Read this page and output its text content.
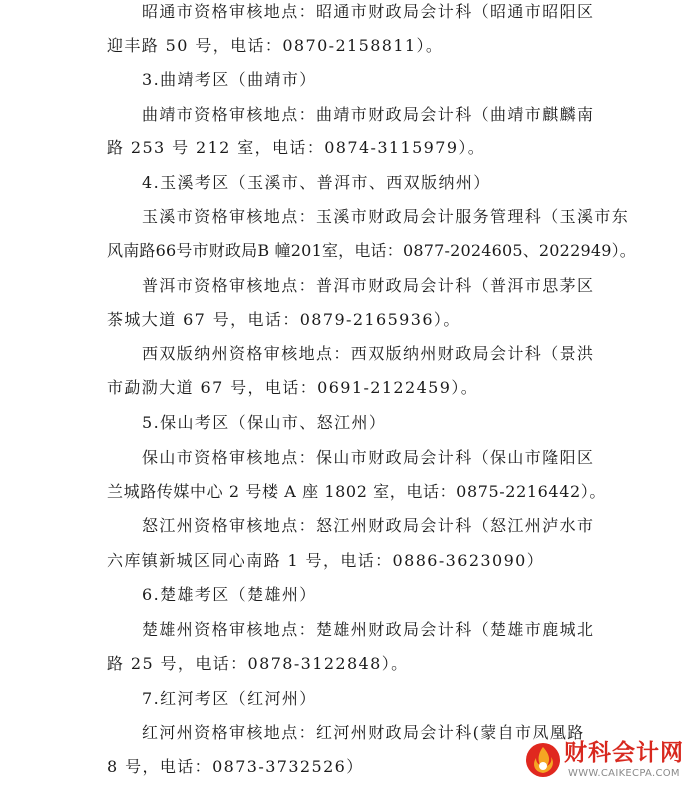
昭通市资格审核地点：昭通市财政局会计科（昭通市昭阳区
迎丰路 50 号，电话：0870-2158811）。
3.曲靖考区（曲靖市）
曲靖市资格审核地点：曲靖市财政局会计科（曲靖市麒麟南
路 253 号 212 室，电话：0874-3115979）。
4.玉溪考区（玉溪市、普洱市、西双版纳州）
玉溪市资格审核地点：玉溪市财政局会计服务管理科（玉溪市东
风南路66号市财政局B 幢201室，电话：0877-2024605、2022949）。
普洱市资格审核地点：普洱市财政局会计科（普洱市思茅区
茶城大道 67 号，电话：0879-2165936）。
西双版纳州资格审核地点：西双版纳州财政局会计科（景洪
市勐泐大道 67 号，电话：0691-2122459）。
5.保山考区（保山市、怒江州）
保山市资格审核地点：保山市财政局会计科（保山市隆阳区
兰城路传媒中心 2 号楼 A 座 1802 室，电话：0875-2216442）。
怒江州资格审核地点：怒江州财政局会计科（怒江州泸水市
六库镇新城区同心南路 1 号，电话：0886-3623090）
6.楚雄考区（楚雄州）
楚雄州资格审核地点：楚雄州财政局会计科（楚雄市鹿城北
路 25 号，电话：0878-3122848）。
7.红河考区（红河州）
红河州资格审核地点：红河州财政局会计科(蒙自市凤凰路
8 号，电话：0873-3732526）
财科会计网
WWW.CAIKECPA.COM
